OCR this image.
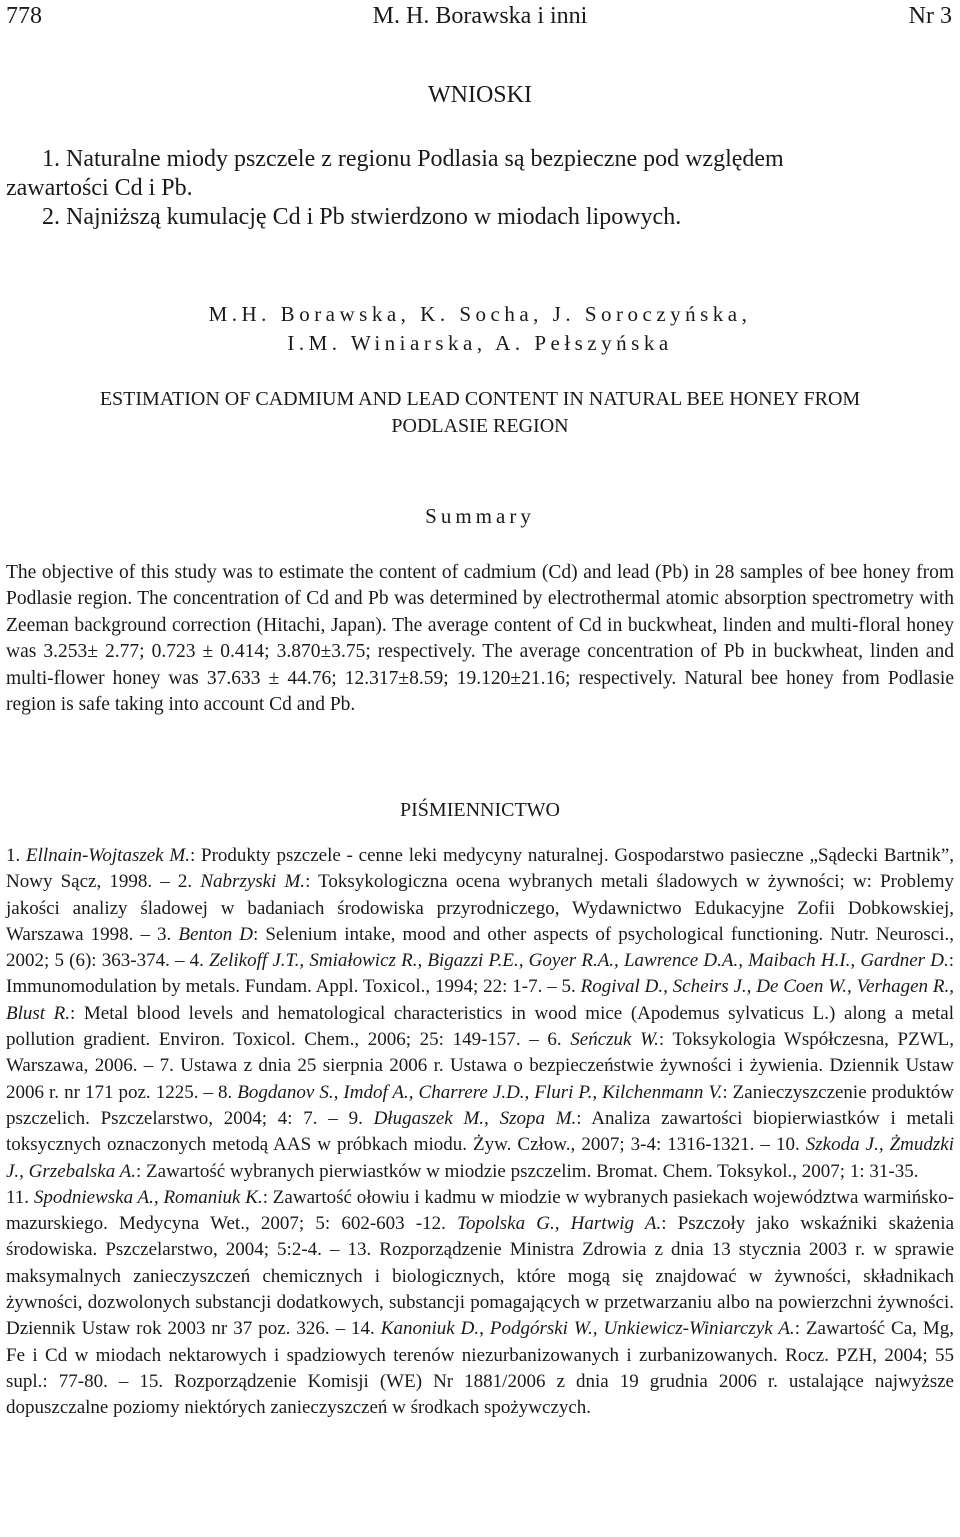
778	M. H. Borawska i inni	Nr 3
WNIOSKI
1. Naturalne miody pszczele z regionu Podlasia są bezpieczne pod względem
zawartości Cd i Pb.
2. Najniższą kumulację Cd i Pb stwierdzono w miodach lipowych.
M.H. Borawska, K. Socha, J. Soroczyńska,
I.M. Winiarska, A. Pełszyńska
ESTIMATION OF CADMIUM AND LEAD CONTENT IN NATURAL BEE HONEY FROM PODLASIE REGION
Summary

The objective of this study was to estimate the content of cadmium (Cd) and lead (Pb) in 28 samples of bee honey from Podlasie region. The concentration of Cd and Pb was determined by electrothermal atomic absorption spectrometry with Zeeman background correction (Hitachi, Japan). The average content of Cd in buckwheat, linden and multi-floral honey was 3.253± 2.77; 0.723 ± 0.414; 3.870±3.75; respectively. The average concentration of Pb in buckwheat, linden and multi-flower honey was 37.633 ± 44.76; 12.317±8.59; 19.120±21.16; respectively. Natural bee honey from Podlasie region is safe taking into account Cd and Pb.

PIŚMIENNICTWO

1. Ellnain-Wojtaszek M.: Produkty pszczele - cenne leki medycyny naturalnej. Gospodarstwo pasieczne „Sądecki Bartnik”, Nowy Sącz, 1998. – 2. Nabrzyski M.: Toksykologiczna ocena wybranych metali śladowych w żywności; w: Problemy jakości analizy śladowej w badaniach środowiska przyrodniczego, Wydawnictwo Edukacyjne Zofii Dobkowskiej, Warszawa 1998. – 3. Benton D: Selenium intake, mood and other aspects of psychological functioning. Nutr. Neurosci., 2002; 5 (6): 363-374. – 4. Zelikoff J.T., Smiałowicz R., Bigazzi P.E., Goyer R.A., Lawrence D.A., Maibach H.I., Gardner D.: Immunomodulation by metals. Fundam. Appl. Toxicol., 1994; 22: 1-7. – 5. Rogival D., Scheirs J., De Coen W., Verhagen R., Blust R.: Metal blood levels and hematological characteristics in wood mice (Apodemus sylvaticus L.) along a metal pollution gradient. Environ. Toxicol. Chem., 2006; 25: 149-157. – 6. Seńczuk W.: Toksykologia Współczesna, PZWL, Warszawa, 2006. – 7. Ustawa z dnia 25 sierpnia 2006 r. Ustawa o bezpieczeństwie żywności i żywienia. Dziennik Ustaw 2006 r. nr 171 poz. 1225. – 8. Bogdanov S., Imdof A., Charrere J.D., Fluri P., Kilchenmann V.: Zanieczyszczenie produktów pszczelich. Pszczelarstwo, 2004; 4: 7. – 9. Długaszek M., Szopa M.: Analiza zawartości biopierwiastków i metali toksycznych oznaczonych metodą AAS w próbkach miodu. Żyw. Człow., 2007; 3-4: 1316-1321. – 10. Szkoda J., Żmudzki J., Grzebalska A.: Zawartość wybranych pierwiastków w miodzie pszczelim. Bromat. Chem. Toksykol., 2007; 1: 31-35.

11. Spodniewska A., Romaniuk K.: Zawartość ołowiu i kadmu w miodzie w wybranych pasiekach województwa warmińsko-mazurskiego. Medycyna Wet., 2007; 5: 602-603 -12. Topolska G., Hartwig A.: Pszczoły jako wskaźniki skażenia środowiska. Pszczelarstwo, 2004; 5:2-4. – 13. Rozporządzenie Ministra Zdrowia z dnia 13 stycznia 2003 r. w sprawie maksymalnych zanieczyszczeń chemicznych i biologicznych, które mogą się znajdować w żywności, składnikach żywności, dozwolonych substancji dodatkowych, substancji pomagających w przetwarzaniu albo na powierzchni żywności. Dziennik Ustaw rok 2003 nr 37 poz. 326. – 14. Kanoniuk D., Podgórski W., Unkiewicz-Winiarczyk A.: Zawartość Ca, Mg, Fe i Cd w miodach nektarowych i spadziowych terenów niezurbanizowanych i zurbanizowanych. Rocz. PZH, 2004; 55 supl.: 77-80. – 15. Rozporządzenie Komisji (WE) Nr 1881/2006 z dnia 19 grudnia 2006 r. ustalające najwyższe dopuszczalne poziomy niektórych zanieczyszczeń w środkach spożywczych.
